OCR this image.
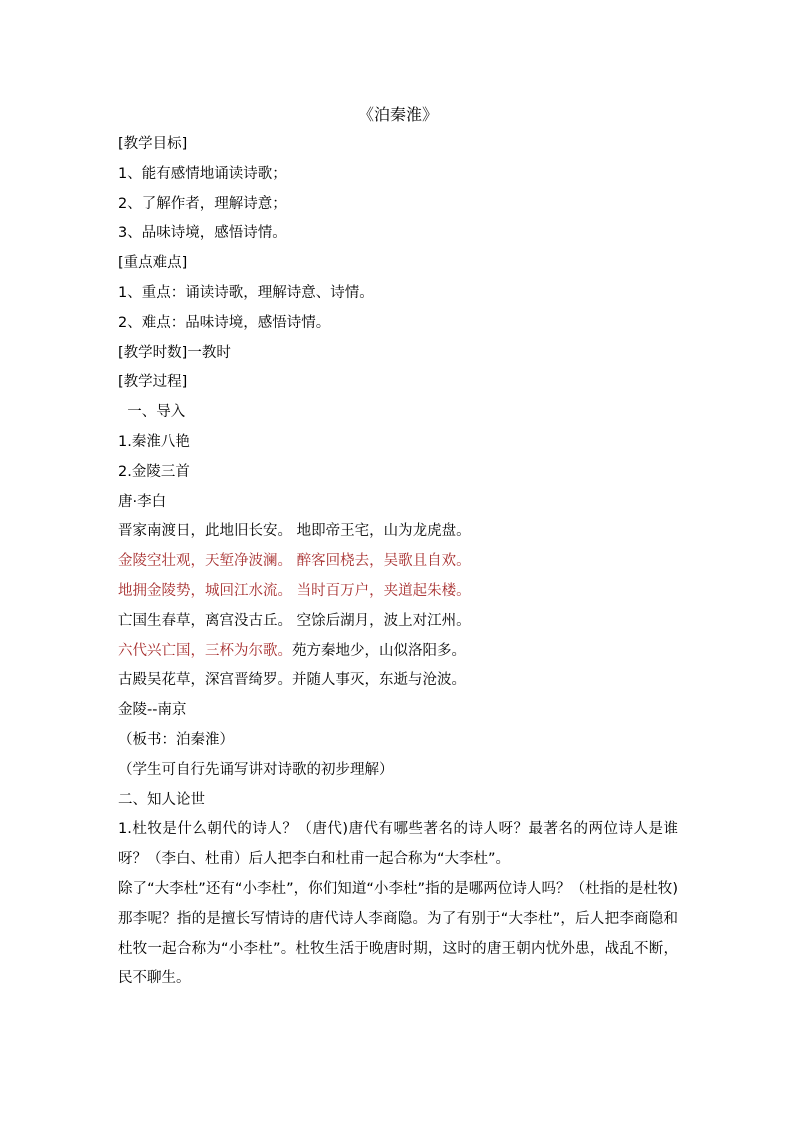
《泊秦淮》
[教学目标]
1、能有感情地诵读诗歌；
2、了解作者，理解诗意；
3、品味诗境，感悟诗情。
[重点难点]
1、重点：诵读诗歌，理解诗意、诗情。
2、难点：品味诗境，感悟诗情。
[教学时数]一教时
[教学过程]
一、导入
1.秦淮八艳
2.金陵三首
唐·李白
晋家南渡日，此地旧长安。 地即帝王宅，山为龙虎盘。
金陵空壮观，天堑净波澜。 醉客回桡去，吴歌且自欢。
地拥金陵势，城回江水流。 当时百万户，夹道起朱楼。
亡国生春草，离宫没古丘。 空馀后湖月，波上对江州。
六代兴亡国，三杯为尔歌。苑方秦地少，山似洛阳多。
古殿吴花草，深宫晋绮罗。并随人事灭，东逝与沧波。
金陵--南京
（板书：泊秦淮）
（学生可自行先诵写讲对诗歌的初步理解）
二、知人论世
1.杜牧是什么朝代的诗人？（唐代)唐代有哪些著名的诗人呀？最著名的两位诗人是谁呀？（李白、杜甫）后人把李白和杜甫一起合称为“大李杜”。
除了“大李杜”还有“小李杜”，你们知道“小李杜”指的是哪两位诗人吗？（杜指的是杜牧)那李呢？指的是擅长写情诗的唐代诗人李商隐。为了有别于“大李杜”，后人把李商隐和杜牧一起合称为“小李杜”。杜牧生活于晚唐时期，这时的唐王朝内忧外患，战乱不断，民不聊生。
